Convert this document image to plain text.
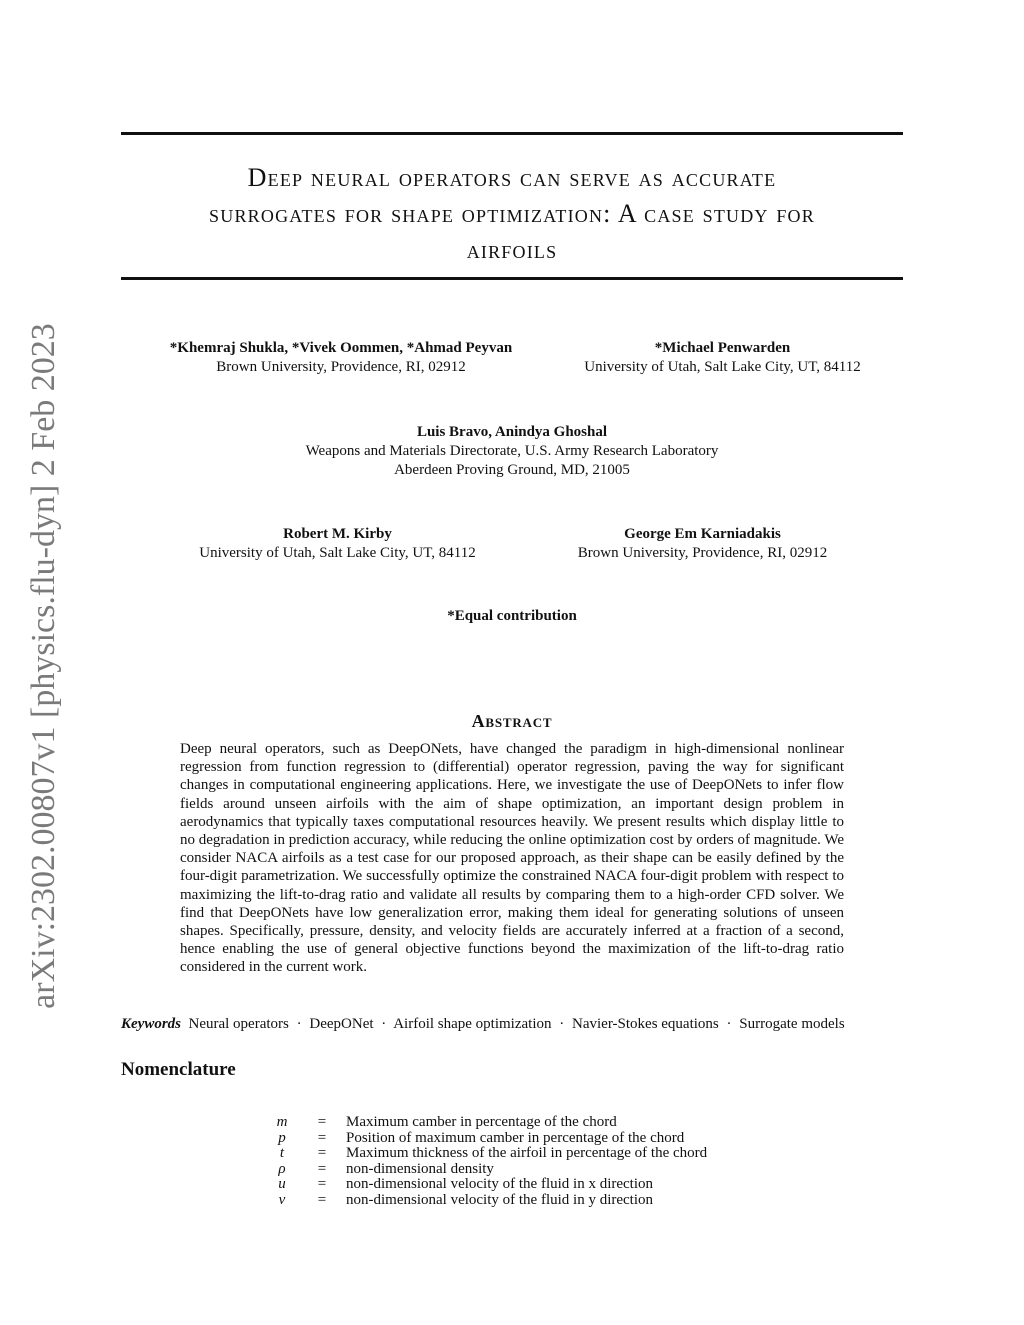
arXiv:2302.00807v1 [physics.flu-dyn] 2 Feb 2023
Deep neural operators can serve as accurate
surrogates for shape optimization: A case study for
airfoils
*Khemraj Shukla, *Vivek Oommen, *Ahmad Peyvan
Brown University, Providence, RI, 02912
*Michael Penwarden
University of Utah, Salt Lake City, UT, 84112
Luis Bravo, Anindya Ghoshal
Weapons and Materials Directorate, U.S. Army Research Laboratory
Aberdeen Proving Ground, MD, 21005
Robert M. Kirby
University of Utah, Salt Lake City, UT, 84112
George Em Karniadakis
Brown University, Providence, RI, 02912
*Equal contribution
Abstract

Deep neural operators, such as DeepONets, have changed the paradigm in high-dimensional nonlinear regression from function regression to (differential) operator regression, paving the way for significant changes in computational engineering applications. Here, we investigate the use of DeepONets to infer flow fields around unseen airfoils with the aim of shape optimization, an important design problem in aerodynamics that typically taxes computational resources heavily. We present results which display little to no degradation in prediction accuracy, while reducing the online optimization cost by orders of magnitude. We consider NACA airfoils as a test case for our proposed approach, as their shape can be easily defined by the four-digit parametrization. We successfully optimize the constrained NACA four-digit problem with respect to maximizing the lift-to-drag ratio and validate all results by comparing them to a high-order CFD solver. We find that DeepONets have low generalization error, making them ideal for generating solutions of unseen shapes. Specifically, pressure, density, and velocity fields are accurately inferred at a fraction of a second, hence enabling the use of general objective functions beyond the maximization of the lift-to-drag ratio considered in the current work.

Keywords Neural operators · DeepONet · Airfoil shape optimization · Navier-Stokes equations · Surrogate models
Nomenclature
m	=	Maximum camber in percentage of the chord
p	=	Position of maximum camber in percentage of the chord
t	=	Maximum thickness of the airfoil in percentage of the chord
ρ	=	non-dimensional density
u	=	non-dimensional velocity of the fluid in x direction
v	=	non-dimensional velocity of the fluid in y direction
